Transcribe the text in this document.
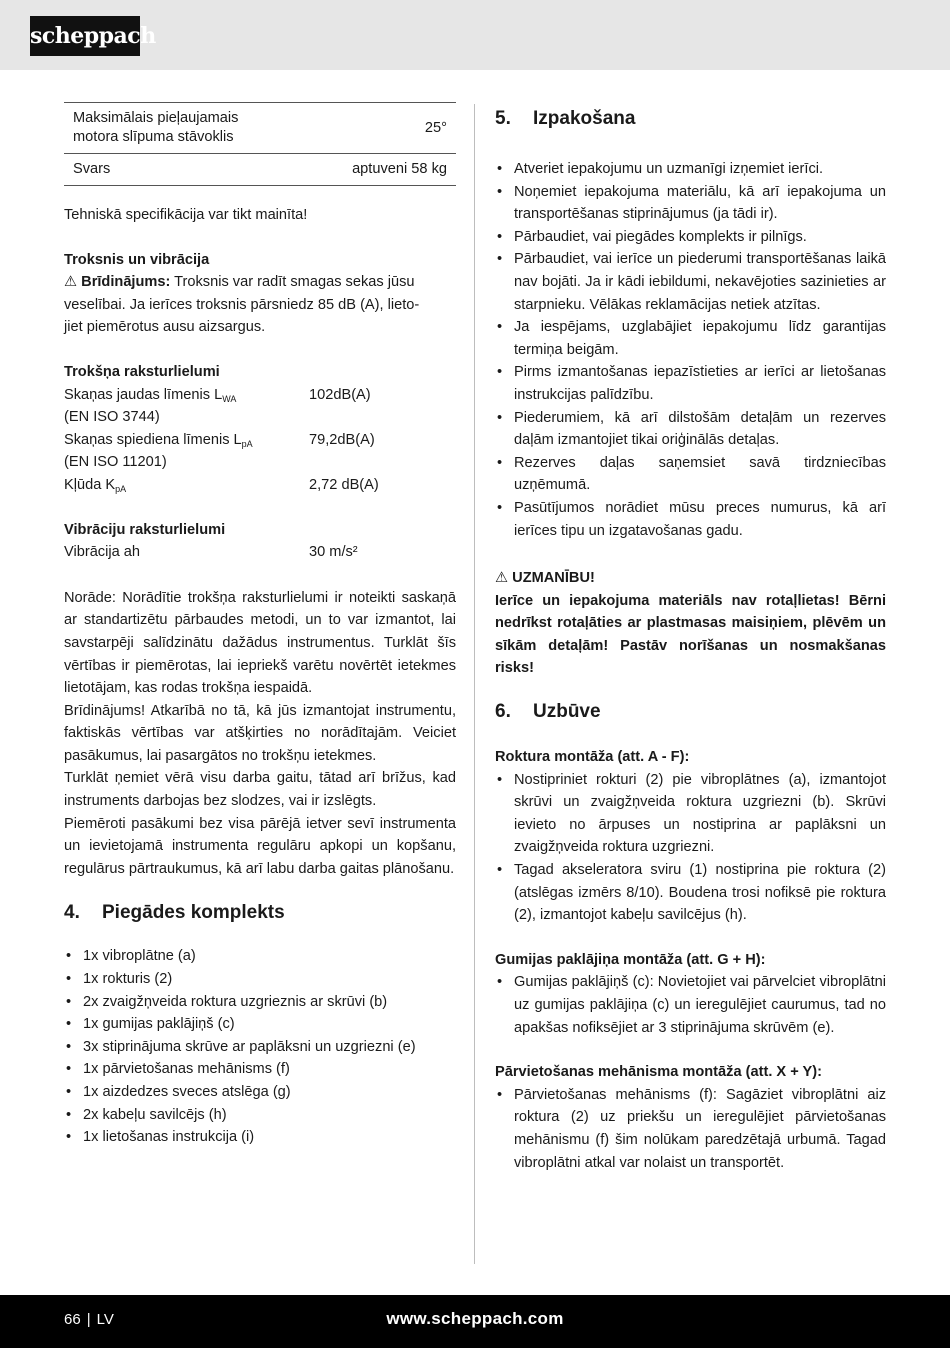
scheppach
Maksimālais pieļaujamais
motora slīpuma stāvoklis	25°
Svars	aptuveni 58 kg

Tehniskā specifikācija var tikt mainīta!

Troksnis un vibrācija

⚠ Brīdinājums: Troksnis var radīt smagas sekas jūsu
veselībai. Ja ierīces troksnis pārsniedz 85 dB (A), lieto-
jiet piemērotus ausu aizsargus.

Trokšņa raksturlielumi

Skaņas jaudas līmenis $L_{WA}$	102dB(A)

(EN ISO 3744)

Skaņas spiediena līmenis $L_{pA}$	79,2dB(A)

(EN ISO 11201)

Kļūda $K_{pA}$	2,72 dB(A)

Vibrāciju raksturlielumi

Vibrācija ah	30 m/s²

Norāde: Norādītie trokšņa raksturlielumi ir noteikti saskaņā ar standartizētu pārbaudes metodi, un to var izmantot, lai savstarpēji salīdzinātu dažādus instrumentus. Turklāt šīs vērtības ir piemērotas, lai iepriekš varētu novērtēt ietekmes lietotājam, kas rodas trokšņa iespaidā.

Brīdinājums! Atkarībā no tā, kā jūs izmantojat instrumentu, faktiskās vērtības var atšķirties no norādītajām. Veiciet pasākumus, lai pasargātos no trokšņu ietekmes.

Turklāt ņemiet vērā visu darba gaitu, tātad arī brīžus, kad instruments darbojas bez slodzes, vai ir izslēgts.

Piemēroti pasākumi bez visa pārējā ietver sevī instrumenta un ievietojamā instrumenta regulāru apkopi un kopšanu, regulārus pārtraukumus, kā arī labu darba gaitas plānošanu.

4. Piegādes komplekts
• 1x vibroplātne (a)
• 1x rokturis (2)
• 2x zvaigžņveida roktura uzgrieznis ar skrūvi (b)
• 1x gumijas paklājiņš (c)
• 3x stiprinājuma skrūve ar paplāksni un uzgriezni (e)
• 1x pārvietošanas mehānisms (f)
• 1x aizdedzes sveces atslēga (g)
• 2x kabeļu savilcējs (h)
• 1x lietošanas instrukcija (i)
5. Izpakošana
• Atveriet iepakojumu un uzmanīgi izņemiet ierīci.
• Noņemiet iepakojuma materiālu, kā arī iepakojuma un transportēšanas stiprinājumus (ja tādi ir).
• Pārbaudiet, vai piegādes komplekts ir pilnīgs.
• Pārbaudiet, vai ierīce un piederumi transportēšanas laikā nav bojāti. Ja ir kādi iebildumi, nekavējoties sazinieties ar starpnieku. Vēlākas reklamācijas netiek atzītas.
• Ja iespējams, uzglabājiet iepakojumu līdz garantijas termiņa beigām.
• Pirms izmantošanas iepazīstieties ar ierīci ar lietošanas instrukcijas palīdzību.
• Piederumiem, kā arī dilstošām detaļām un rezerves daļām izmantojiet tikai oriģinālās detaļas.
• Rezerves daļas saņemsiet savā tirdzniecības uzņēmumā.
• Pasūtījumos norādiet mūsu preces numurus, kā arī ierīces tipu un izgatavošanas gadu.

⚠ UZMANĪBU!

Ierīce un iepakojuma materiāls nav rotaļlietas! Bērni nedrīkst rotaļāties ar plastmasas maisiņiem, plēvēm un sīkām detaļām! Pastāv norīšanas un nosmakšanas risks!

6. Uzbūve

Roktura montāža (att. A - F):

• Nostipriniet rokturi (2) pie vibroplātnes (a), izmantojot skrūvi un zvaigžņveida roktura uzgriezni (b). Skrūvi ievieto no ārpuses un nostiprina ar paplāksni un zvaigžņveida roktura uzgriezni.
• Tagad akseleratora sviru (1) nostiprina pie roktura (2) (atslēgas izmērs 8/10). Boudena trosi nofiksē pie roktura (2), izmantojot kabeļu savilcējus (h).

Gumijas paklājiņa montāža (att. G + H):

• Gumijas paklājiņš (c): Novietojiet vai pārvelciet vibroplātni uz gumijas paklājiņa (c) un ieregulējiet caurumus, tad no apakšas nofiksējiet ar 3 stiprinājuma skrūvēm (e).

Pārvietošanas mehānisma montāža (att. X + Y):

• Pārvietošanas mehānisms (f): Sagāziet vibroplātni aiz roktura (2) uz priekšu un ieregulējiet pārvietošanas mehānismu (f) šim nolūkam paredzētajā urbumā. Tagad vibroplātni atkal var nolaist un transportēt.
66 | LV	www.scheppach.com
